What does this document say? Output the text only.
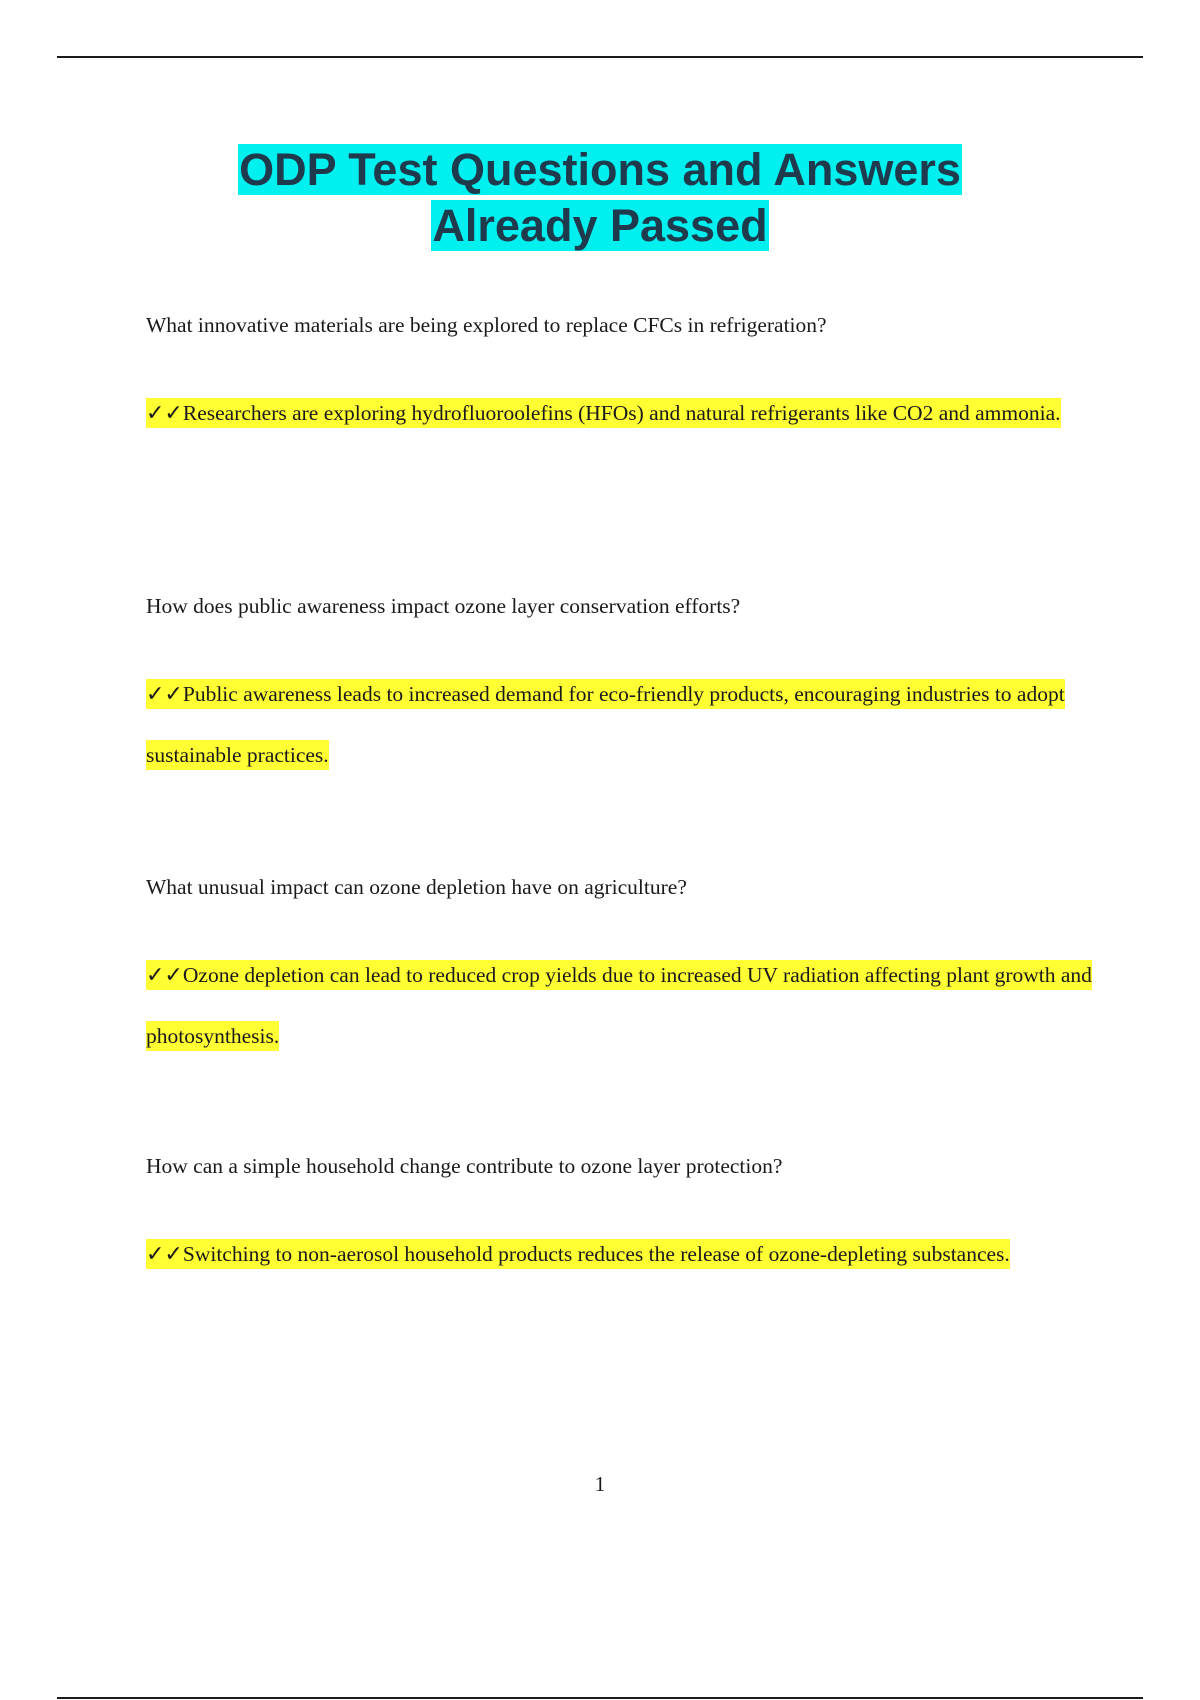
ODP Test Questions and Answers
Already Passed

What innovative materials are being explored to replace CFCs in refrigeration?

✓✓Researchers are exploring hydrofluoroolefins (HFOs) and natural refrigerants like CO2 and ammonia.

How does public awareness impact ozone layer conservation efforts?

✓✓Public awareness leads to increased demand for eco-friendly products, encouraging industries to adopt sustainable practices.

What unusual impact can ozone depletion have on agriculture?

✓✓Ozone depletion can lead to reduced crop yields due to increased UV radiation affecting plant growth and photosynthesis.

How can a simple household change contribute to ozone layer protection?

✓✓Switching to non-aerosol household products reduces the release of ozone-depleting substances.

1
